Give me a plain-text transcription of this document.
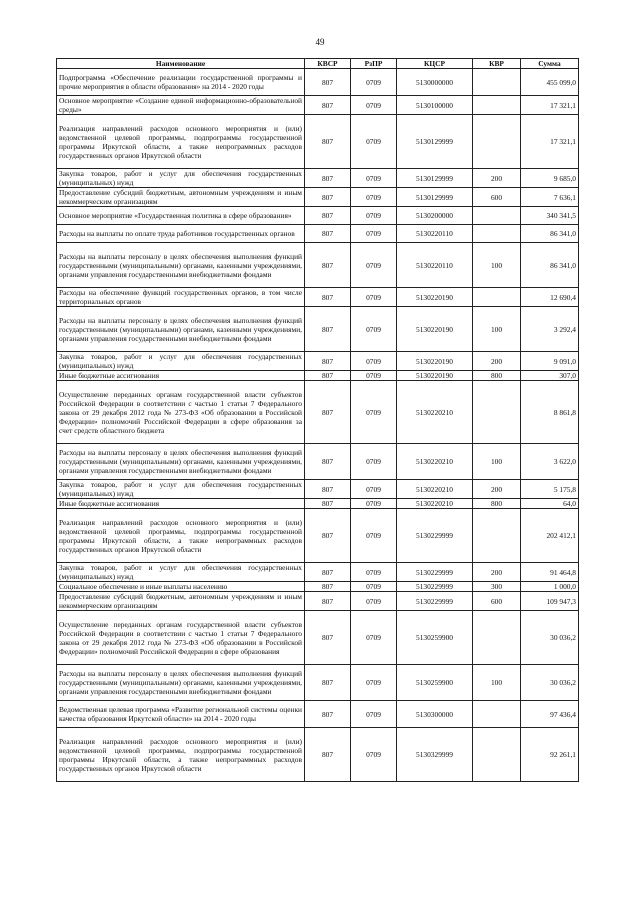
49
Наименование	КВСР	РзПР	КЦСР	КВР	Сумма
Подпрограмма «Обеспечение реализации государственной программы и прочие мероприятия в области образования» на 2014 - 2020 годы	807	0709	5130000000		455 099,0
Основное мероприятие «Создание единой информационно-образовательной среды»	807	0709	5130100000		17 321,1
Реализация направлений расходов основного мероприятия и (или) ведомственной целевой программы, подпрограммы государственной программы Иркутской области, а также непрограммных расходов государственных органов Иркутской области	807	0709	5130129999		17 321,1
Закупка товаров, работ и услуг для обеспечения государственных (муниципальных) нужд	807	0709	5130129999	200	9 685,0
Предоставление субсидий бюджетным, автономным учреждениям и иным некоммерческим организациям	807	0709	5130129999	600	7 636,1
Основное мероприятие «Государственная политика в сфере образования»	807	0709	5130200000		340 341,5
Расходы на выплаты по оплате труда работников государственных органов	807	0709	5130220110		86 341,0
Расходы на выплаты персоналу в целях обеспечения выполнения функций государственными (муниципальными) органами, казенными учреждениями, органами управления государственными внебюджетными фондами	807	0709	5130220110	100	86 341,0
Расходы на обеспечение функций государственных органов, в том числе территориальных органов	807	0709	5130220190		12 690,4
Расходы на выплаты персоналу в целях обеспечения выполнения функций государственными (муниципальными) органами, казенными учреждениями, органами управления государственными внебюджетными фондами	807	0709	5130220190	100	3 292,4
Закупка товаров, работ и услуг для обеспечения государственных (муниципальных) нужд	807	0709	5130220190	200	9 091,0
Иные бюджетные ассигнования	807	0709	5130220190	800	307,0
Осуществление переданных органам государственной власти субъектов Российской Федерации в соответствии с частью 1 статьи 7 Федерального закона от 29 декабря 2012 года № 273-ФЗ «Об образовании в Российской Федерации» полномочий Российской Федерации в сфере образования за счет средств областного бюджета	807	0709	5130220210		8 861,8
Расходы на выплаты персоналу в целях обеспечения выполнения функций государственными (муниципальными) органами, казенными учреждениями, органами управления государственными внебюджетными фондами	807	0709	5130220210	100	3 622,0
Закупка товаров, работ и услуг для обеспечения государственных (муниципальных) нужд	807	0709	5130220210	200	5 175,8
Иные бюджетные ассигнования	807	0709	5130220210	800	64,0
Реализация направлений расходов основного мероприятия и (или) ведомственной целевой программы, подпрограммы государственной программы Иркутской области, а также непрограммных расходов государственных органов Иркутской области	807	0709	5130229999		202 412,1
Закупка товаров, работ и услуг для обеспечения государственных (муниципальных) нужд	807	0709	5130229999	200	91 464,8
Социальное обеспечение и иные выплаты населению	807	0709	5130229999	300	1 000,0
Предоставление субсидий бюджетным, автономным учреждениям и иным некоммерческим организациям	807	0709	5130229999	600	109 947,3
Осуществление переданных органам государственной власти субъектов Российской Федерации в соответствии с частью 1 статьи 7 Федерального закона от 29 декабря 2012 года № 273-ФЗ «Об образовании в Российской Федерации» полномочий Российской Федерации в сфере образования	807	0709	5130259900		30 036,2
Расходы на выплаты персоналу в целях обеспечения выполнения функций государственными (муниципальными) органами, казенными учреждениями, органами управления государственными внебюджетными фондами	807	0709	5130259900	100	30 036,2
Ведомственная целевая программа «Развитие региональной системы оценки качества образования Иркутской области» на 2014 - 2020 годы	807	0709	5130300000		97 436,4
Реализация направлений расходов основного мероприятия и (или) ведомственной целевой программы, подпрограммы государственной программы Иркутской области, а также непрограммных расходов государственных органов Иркутской области	807	0709	5130329999		92 261,1
